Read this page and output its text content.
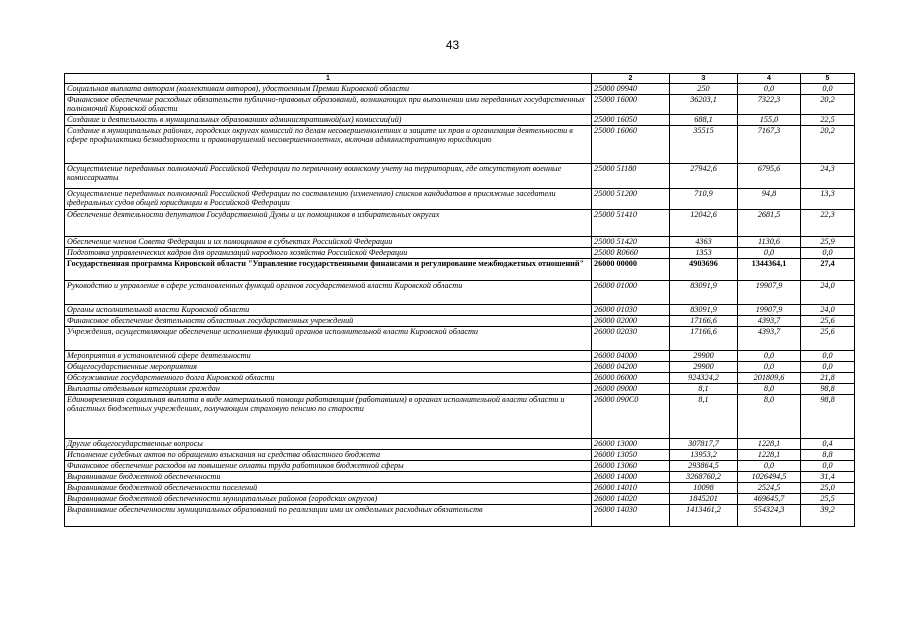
43
1	2	3	4	5
Социальная выплата авторам (коллективам авторов), удостоенным Премии Кировской области	25000 09940	250	0,0	0,0
Финансовое обеспечение расходных обязательств публично-правовых образований, возникающих при выполнении ими переданных государственных полномочий Кировской области	25000 16000	36203,1	7322,3	20,2
Создание и деятельность в муниципальных образованиях административной(ых) комиссии(ий)	25000 16050	688,1	155,0	22,5
Создание в муниципальных районах, городских округах комиссий по делам несовершеннолетних и защите их прав и организация деятельности в сфере профилактики безнадзорности и правонарушений несовершеннолетних, включая административную юрисдикцию	25000 16060	35515	7167,3	20,2
Осуществление переданных полномочий Российской Федерации по первичному воинскому учету на территориях, где отсутствуют военные комиссариаты	25000 51180	27942,6	6795,6	24,3
Осуществление переданных полномочий Российской Федерации по составлению (изменению) списков кандидатов в присяжные заседатели федеральных судов общей юрисдикции в Российской Федерации	25000 51200	710,9	94,8	13,3
Обеспечение деятельности депутатов Государственной Думы и их помощников в избирательных округах	25000 51410	12042,6	2681,5	22,3
Обеспечение членов Совета Федерации и их помощников в субъектах Российской Федерации	25000 51420	4363	1130,6	25,9
Подготовка управленческих кадров для организаций народного хозяйства Российской Федерации	25000 R0660	1353	0,0	0,0
Государственная программа Кировской области "Управление государственными финансами и регулирование межбюджетных отношений"	26000 00000	4903696	1344364,1	27,4
Руководство и управление в сфере установленных функций органов государственной власти Кировской области	26000 01000	83091,9	19907,9	24,0
Органы исполнительной власти Кировской области	26000 01030	83091,9	19907,9	24,0
Финансовое обеспечение деятельности областных государственных учреждений	26000 02000	17166,6	4393,7	25,6
Учреждения, осуществляющие обеспечение исполнения функций органов исполнительной власти Кировской области	26000 02030	17166,6	4393,7	25,6
Мероприятия в установленной сфере деятельности	26000 04000	29900	0,0	0,0
Общегосударственные мероприятия	26000 04200	29900	0,0	0,0
Обслуживание государственного долга Кировской области	26000 06000	924324,2	201809,6	21,8
Выплаты отдельным категориям граждан	26000 09000	8,1	8,0	98,8
Единовременная социальная выплата в виде материальной помощи работающим (работавшим) в органах исполнительной власти области и областных бюджетных учреждениях, получающим страховую пенсию по старости	26000 090С0	8,1	8,0	98,8
Другие общегосударственные вопросы	26000 13000	307817,7	1228,1	0,4
Исполнение судебных актов по обращению взыскания на средства областного бюджета	26000 13050	13953,2	1228,1	8,8
Финансовое обеспечение расходов на повышение оплаты труда работников бюджетной сферы	26000 13060	293864,5	0,0	0,0
Выравнивание бюджетной обеспеченности	26000 14000	3268760,2	1026494,5	31,4
Выравнивание бюджетной обеспеченности поселений	26000 14010	10098	2524,5	25,0
Выравнивание бюджетной обеспеченности муниципальных районов (городских округов)	26000 14020	1845201	469645,7	25,5
Выравнивание обеспеченности муниципальных образований по реализации ими их отдельных расходных обязательств	26000 14030	1413461,2	554324,3	39,2
